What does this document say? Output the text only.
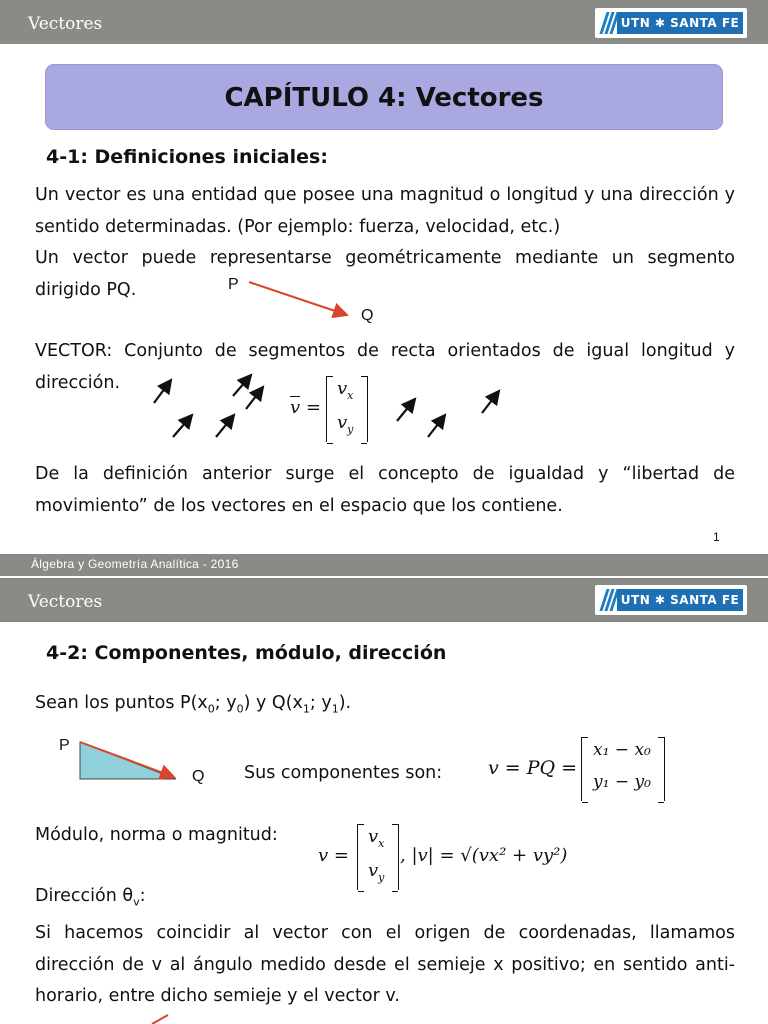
Vectores	UTN ✱ SANTA FE
CAPÍTULO 4: Vectores
4-1: Definiciones iniciales:
Un vector es una entidad que posee una magnitud o longitud y una dirección y sentido determinadas. (Por ejemplo: fuerza, velocidad, etc.)
Un vector puede representarse geométricamente mediante un segmento dirigido PQ.	P
Q
VECTOR: Conjunto de segmentos de recta orientados de igual longitud y dirección.
$\overline{v}$ =
$v_x$
$v_y$
De la definición anterior surge el concepto de igualdad y “libertad de movimiento” de los vectores en el espacio que los contiene.
1
Álgebra y Geometría Analítica - 2016
Vectores	UTN ✱ SANTA FE
4-2: Componentes, módulo, dirección
Sean los puntos $P(x_0$; $y_0$) y $Q(x_1$; $y_1$).
P
Q Sus componentes son: v = PQ =
x₁ − x₀
y₁ − y₀
Módulo, norma o magnitud:
v =
$v_x$
$v_y$
, |v| = √(vx² + vy²)
Dirección $\theta_v$:
Si hacemos coincidir al vector con el origen de coordenadas, llamamos dirección de v al ángulo medido desde el semieje x positivo; en sentido anti-horario, entre dicho semieje y el vector v.
